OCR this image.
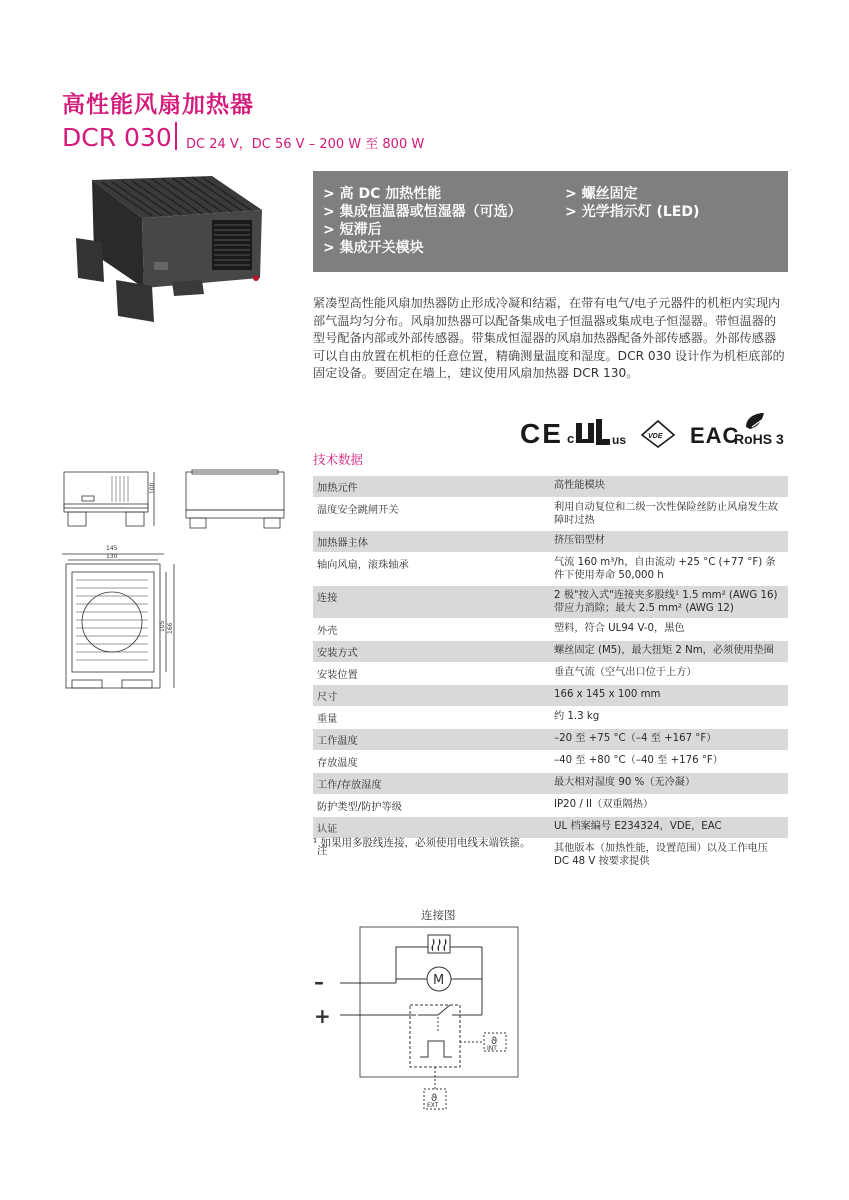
高性能风扇加热器
DCR 030 DC 24 V，DC 56 V – 200 W 至 800 W
> 高 DC 加热性能
> 集成恒温器或恒湿器（可选）
> 短滞后
> 集成开关模块
> 螺丝固定
> 光学指示灯 (LED)

紧凑型高性能风扇加热器防止形成冷凝和结霜，在带有电气/电子元器件的机柜内实现内部气温均匀分布。风扇加热器可以配备集成电子恒温器或集成电子恒湿器。带恒温器的型号配备内部或外部传感器。带集成恒湿器的风扇加热器配备外部传感器。外部传感器可以自由放置在机柜的任意位置，精确测量温度和湿度。DCR 030 设计作为机柜底部的固定设备。要固定在墙上，建议使用风扇加热器 DCR 130。

CE c	us	VDE EAC
RoHS 3
技术数据
加热元件	高性能模块
温度安全跳闸开关	利用自动复位和二级一次性保险丝防止风扇发生故障时过热
加热器主体	挤压铝型材
轴向风扇，滚珠轴承	气流 160 m³/h，自由流动 +25 °C (+77 °F) 条件下使用寿命 50,000 h
连接	2 极"按入式"连接夹多股线¹ 1.5 mm² (AWG 16) 带应力消除；最大 2.5 mm² (AWG 12)
外壳	塑料，符合 UL94 V-0，黑色
安装方式	螺丝固定 (M5)，最大扭矩 2 Nm，必须使用垫圈
安装位置	垂直气流（空气出口位于上方）
尺寸	166 x 145 x 100 mm
重量	约 1.3 kg
工作温度	–20 至 +75 °C（–4 至 +167 °F）
存放温度	–40 至 +80 °C（–40 至 +176 °F）
工作/存放湿度	最大相对湿度 90 %（无冷凝）
防护类型/防护等级	IP20 / II（双重隔热）
认证	UL 档案编号 E234324，VDE，EAC
注	其他版本（加热性能，设置范围）以及工作电压 DC 48 V 按要求提供
¹ 如果用多股线连接，必须使用电线末端铁箍。
100
145
130
105 166
连接图
–
+
M
ϑ
INT
ϑ
EXT
